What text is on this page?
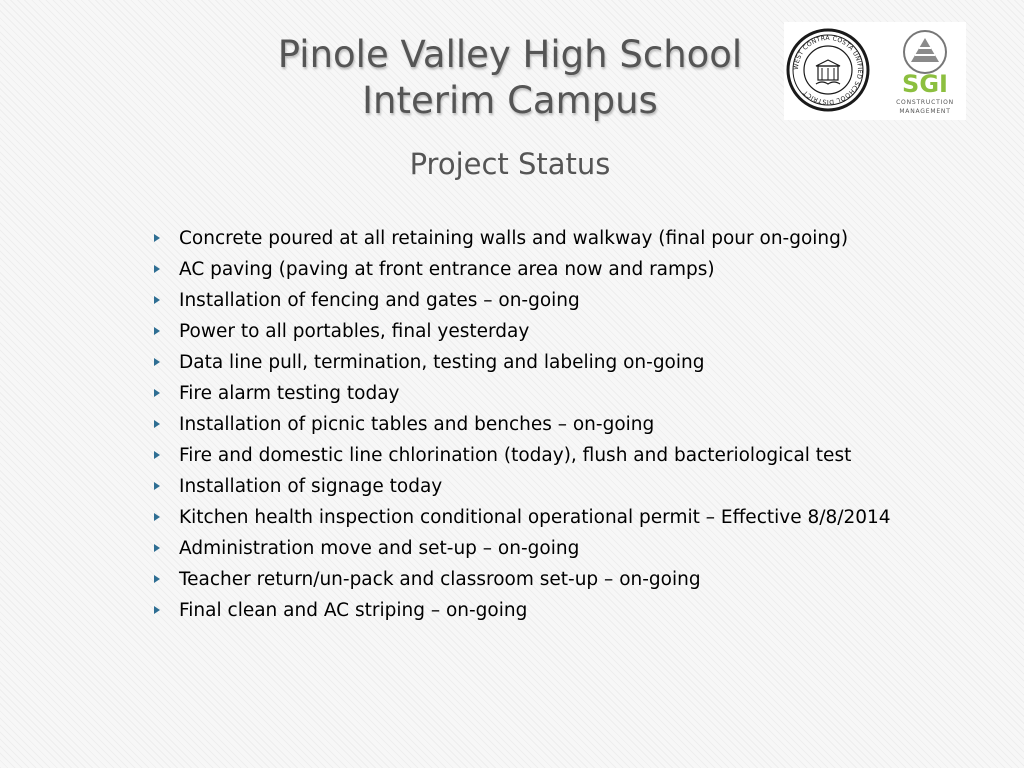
Pinole Valley High School
Interim Campus
Project Status
WEST CONTRA COSTA UNIFIED SCHOOL DISTRICT	SGI
CONSTRUCTION
MANAGEMENT
Concrete poured at all retaining walls and walkway (final pour on-going)
AC paving (paving at front entrance area now and ramps)
Installation of fencing and gates – on-going
Power to all portables, final yesterday
Data line pull, termination, testing and labeling on-going
Fire alarm testing today
Installation of picnic tables and benches – on-going
Fire and domestic line chlorination (today), flush and bacteriological test
Installation of signage today
Kitchen health inspection conditional operational permit – Effective 8/8/2014
Administration move and set-up – on-going
Teacher return/un-pack and classroom set-up – on-going
Final clean and AC striping – on-going
